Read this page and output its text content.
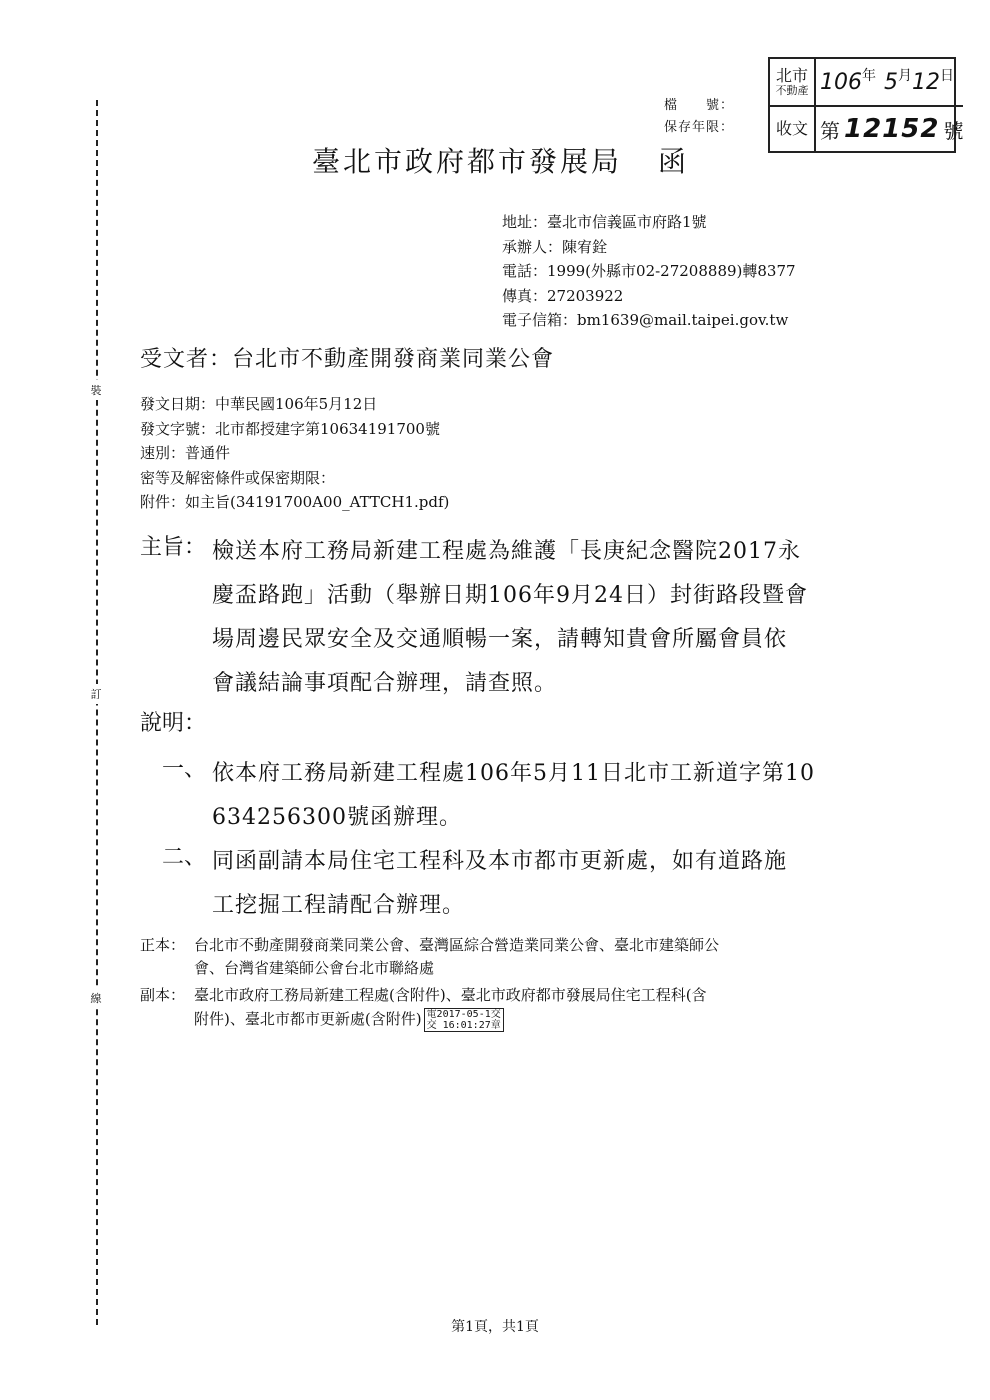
裝
訂
線
檔　　號：
保存年限：
北市
不動產 106 年 5 月 12 日
收文 第 12152 號
臺北市政府都市發展局 函
地址：臺北市信義區市府路1號
承辦人：陳宥銓
電話：1999(外縣市02-27208889)轉8377
傳真：27203922
電子信箱：bm1639@mail.taipei.gov.tw
受文者：台北市不動產開發商業同業公會
發文日期：中華民國106年5月12日
發文字號：北市都授建字第10634191700號
速別：普通件
密等及解密條件或保密期限：
附件：如主旨(34191700A00_ATTCH1.pdf)
主旨： 檢送本府工務局新建工程處為維護「長庚紀念醫院2017永
慶盃路跑」活動（舉辦日期106年9月24日）封街路段暨會
場周邊民眾安全及交通順暢一案，請轉知貴會所屬會員依
會議結論事項配合辦理，請查照。
說明：
一、 依本府工務局新建工程處106年5月11日北市工新道字第10
634256300號函辦理。
二、 同函副請本局住宅工程科及本市都市更新處，如有道路施
工挖掘工程請配合辦理。
正本： 台北市不動產開發商業同業公會、臺灣區綜合營造業同業公會、臺北市建築師公
會、台灣省建築師公會台北市聯絡處
副本： 臺北市政府工務局新建工程處(含附件)、臺北市政府都市發展局住宅工程科(含
附件)、臺北市都市更新處(含附件) 電2017-05-1交
交 16:01:27章
第1頁，共1頁
